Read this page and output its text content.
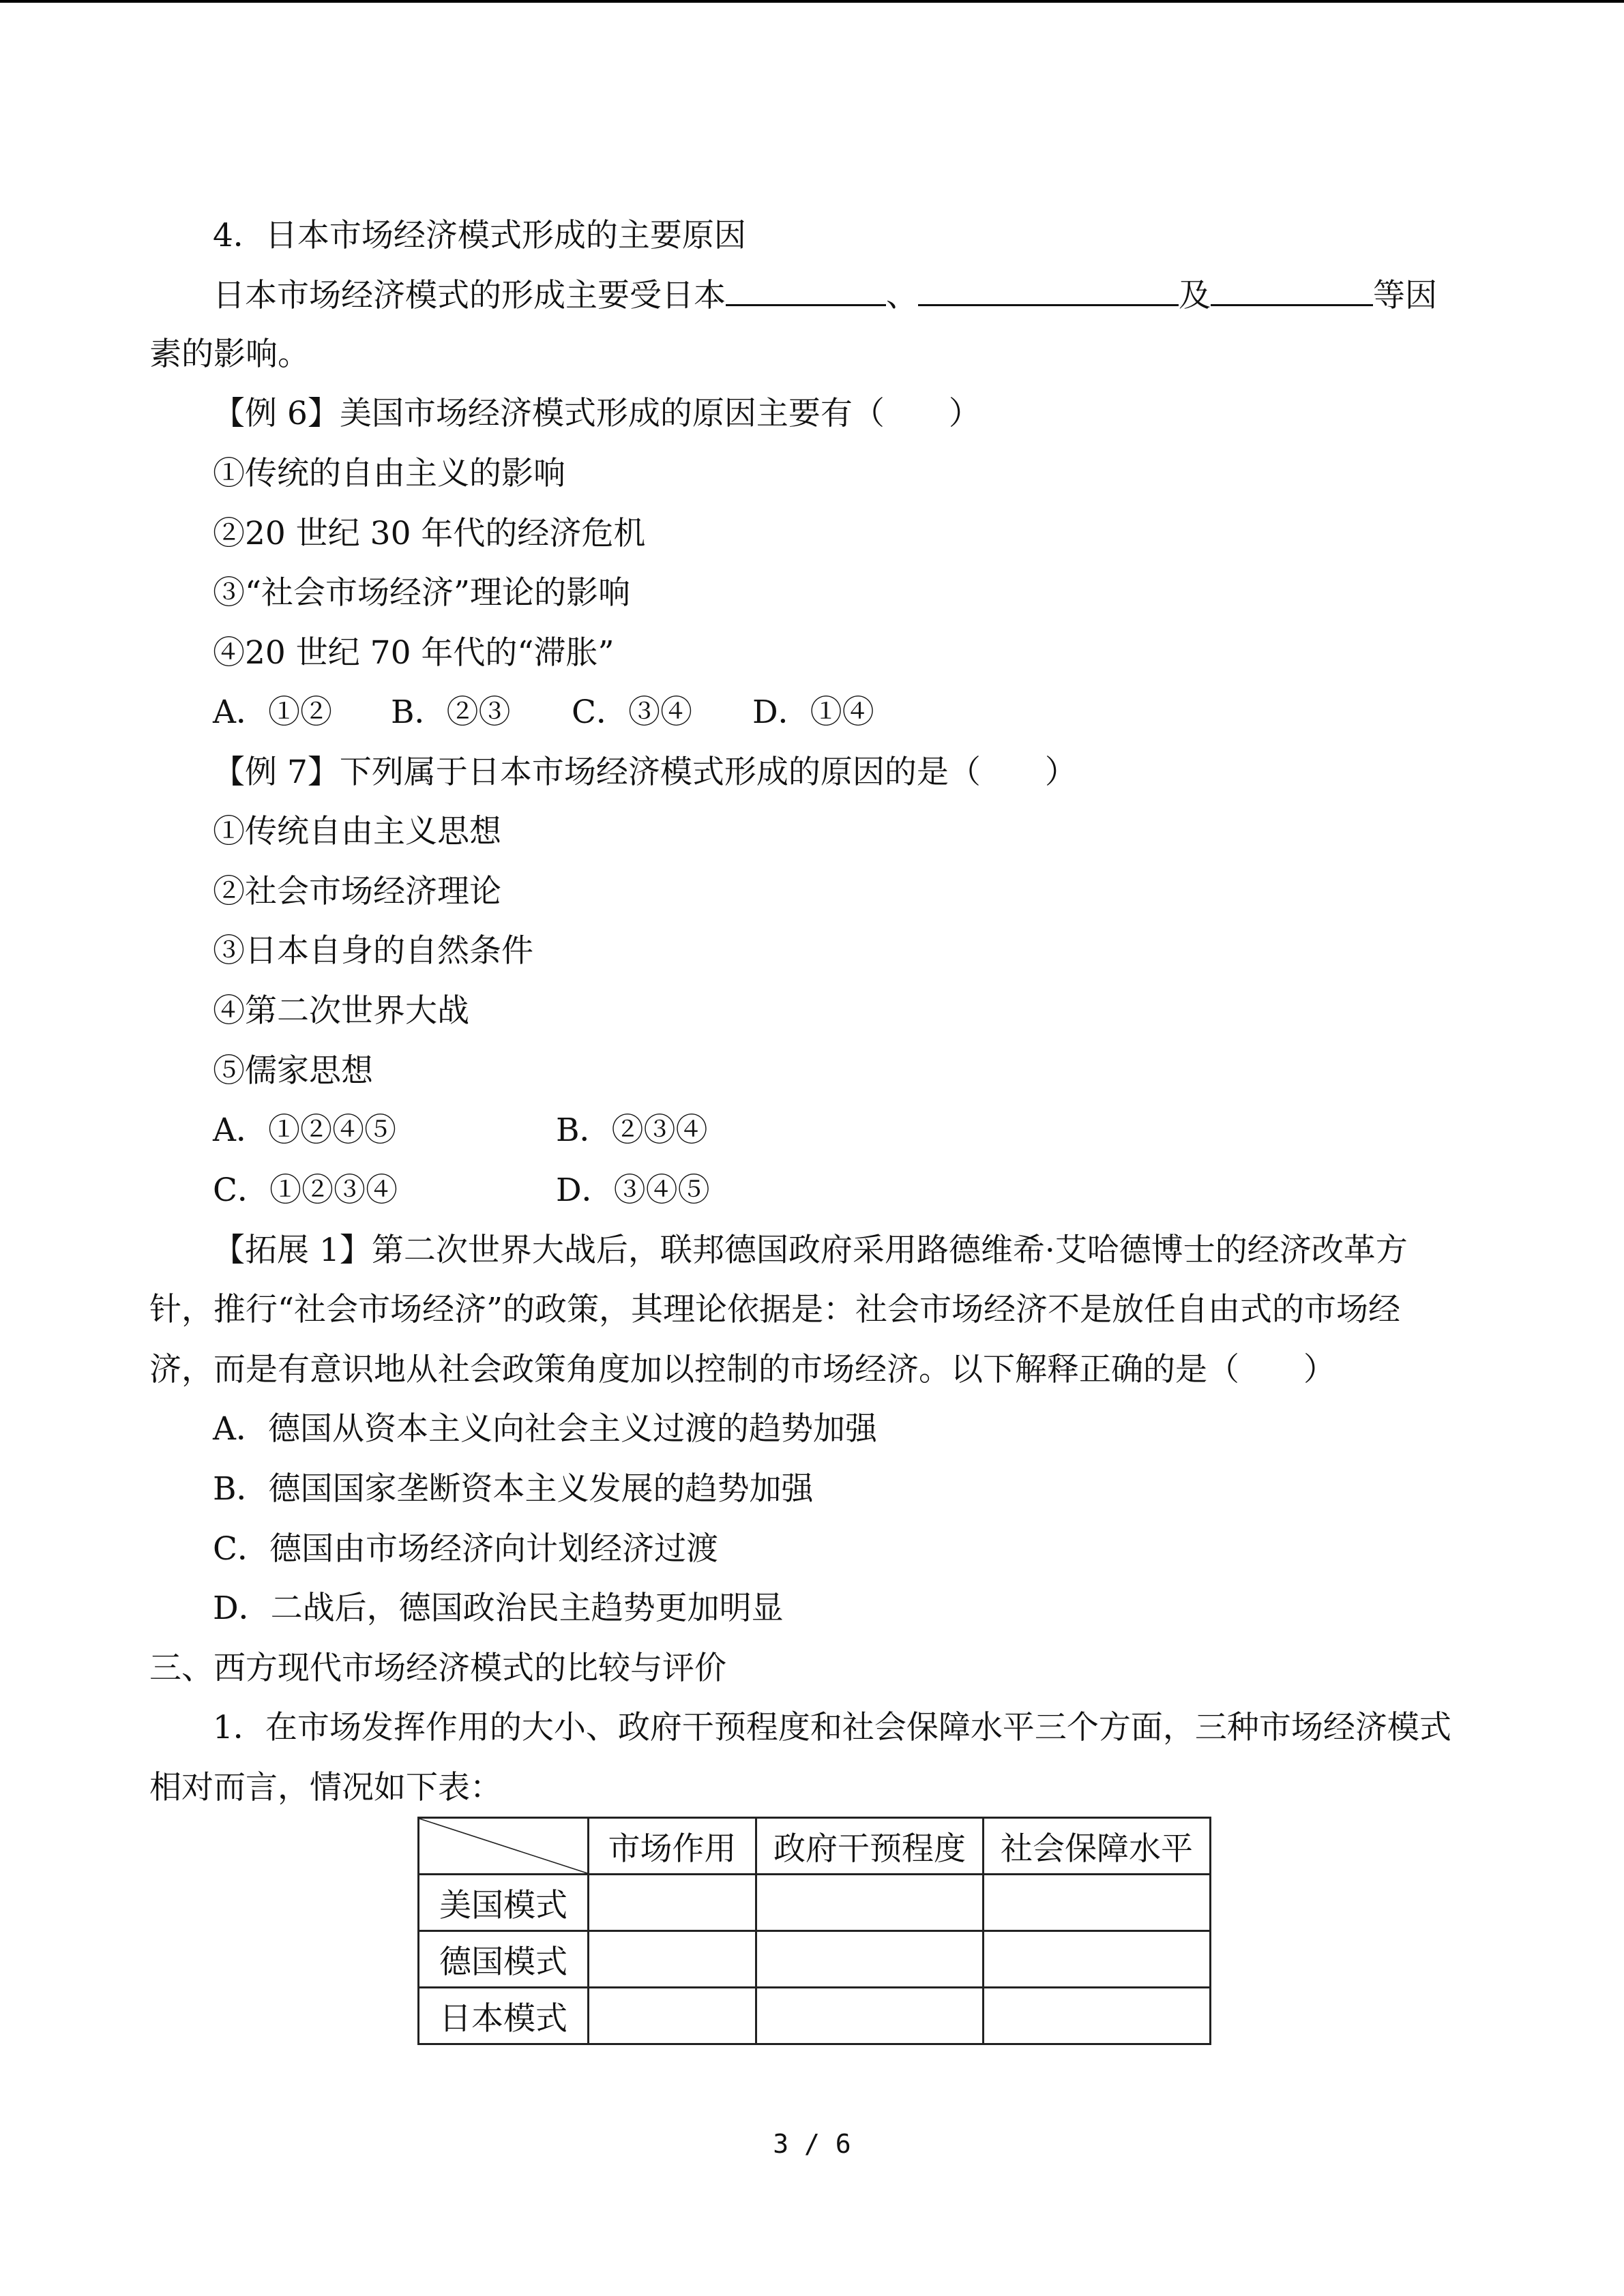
4．日本市场经济模式形成的主要原因
日本市场经济模式的形成主要受日本	、	及	等因
素的影响。
【例 6】美国市场经济模式形成的原因主要有（　　）
①传统的自由主义的影响
②20 世纪 30 年代的经济危机
③“社会市场经济”理论的影响
④20 世纪 70 年代的“滞胀”
A．①② B．②③ C．③④ D．①④
【例 7】下列属于日本市场经济模式形成的原因的是（　　）
①传统自由主义思想
②社会市场经济理论
③日本自身的自然条件
④第二次世界大战
⑤儒家思想
A．①②④⑤	B．②③④
C．①②③④	D．③④⑤
【拓展 1】第二次世界大战后，联邦德国政府采用路德维希·艾哈德博士的经济改革方
针，推行“社会市场经济”的政策，其理论依据是：社会市场经济不是放任自由式的市场经
济，而是有意识地从社会政策角度加以控制的市场经济。以下解释正确的是（　　）
A．德国从资本主义向社会主义过渡的趋势加强
B．德国国家垄断资本主义发展的趋势加强
C．德国由市场经济向计划经济过渡
D．二战后，德国政治民主趋势更加明显
三、西方现代市场经济模式的比较与评价
1．在市场发挥作用的大小、政府干预程度和社会保障水平三个方面，三种市场经济模式
相对而言，情况如下表：
	市场作用	政府干预程度	社会保障水平
美国模式			
德国模式			
日本模式			
3 / 6
